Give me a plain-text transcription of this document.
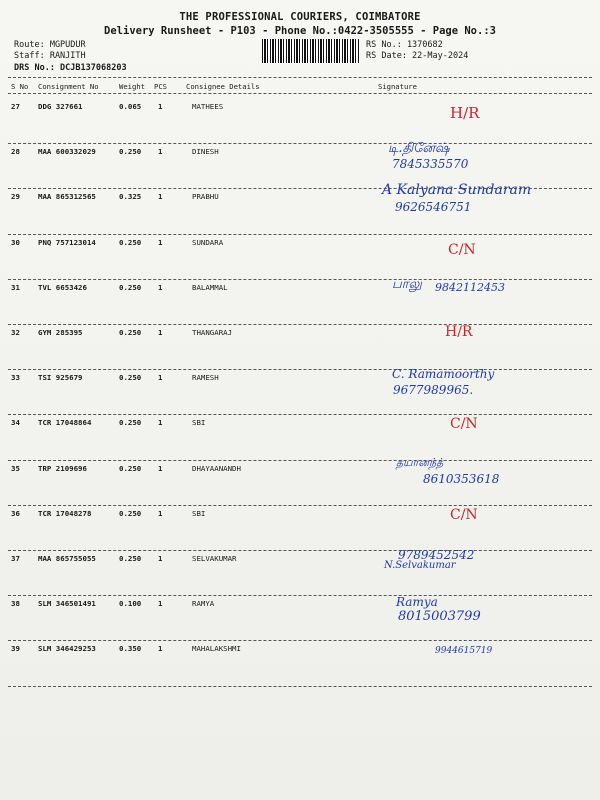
THE PROFESSIONAL COURIERS, COIMBATORE
Delivery Runsheet - P103 - Phone No.:0422-3505555 - Page No.:3
Route: MGPUDUR
Staff: RANJITH
DRS No.: DCJB137068203
RS No.: 1370682
RS Date: 22-May-2024
S No Consignment No	Weight PCS	Consignee Details	Signature
27 DDG 327661	0.065 1	MATHEES	H/R
28 MAA 600332029	0.250 1	DINESH	டி.தினேஷ்
7845335570
29 MAA 865312565	0.325 1	PRABHU	A Kalyana Sundaram
9626546751
30 PNQ 757123014	0.250 1	SUNDARA	C/N
31 TVL 6653426	0.250 1	BALAMMAL	பாலு 9842112453
32 GYM 285395	0.250 1	THANGARAJ	H/R
33 TSI 925679	0.250 1	RAMESH	C. Ramamoorthy
9677989965.
34 TCR 17048864	0.250 1	SBI	C/N
35 TRP 2109696	0.250 1	DHAYAANANDH	தயானந்த்
8610353618
36 TCR 17048278	0.250 1	SBI	C/N
37 MAA 865755055	0.250 1	SELVAKUMAR	9789452542
N.Selvakumar
38 SLM 346501491	0.100 1	RAMYA	Ramya
8015003799
39 SLM 346429253	0.350 1	MAHALAKSHMI	9944615719
